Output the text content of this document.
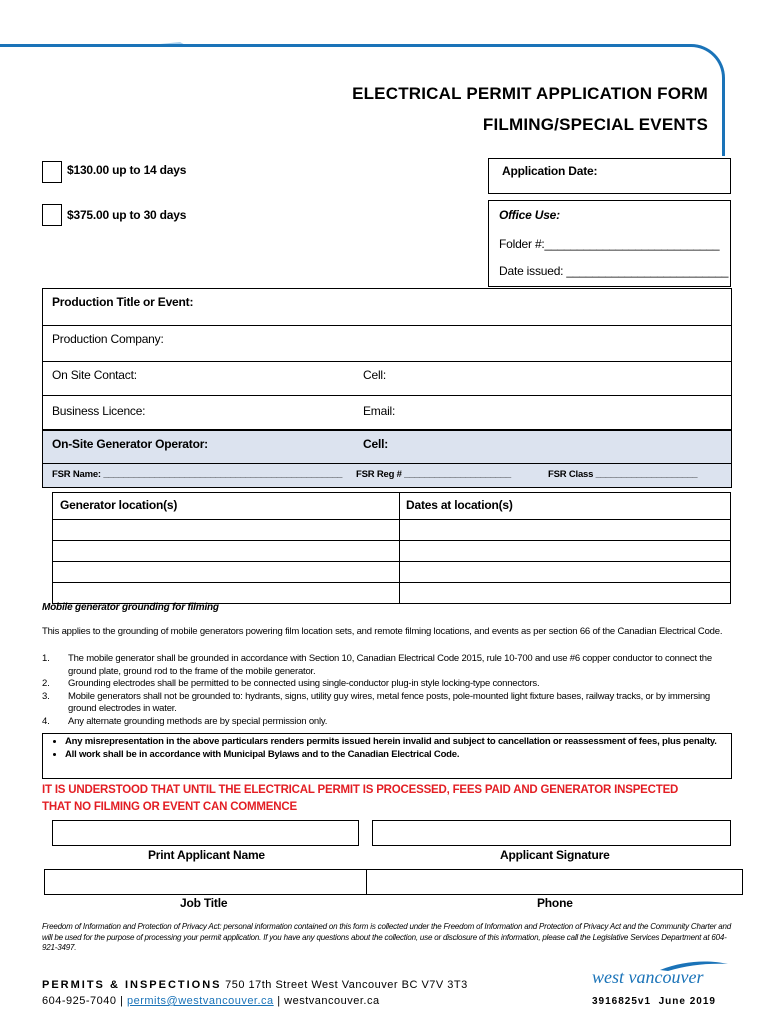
ELECTRICAL PERMIT APPLICATION FORM
FILMING/SPECIAL EVENTS
$130.00 up to 14 days
$375.00 up to 30 days
Application Date:
Office Use:
Folder #:___________________________
Date issued: _________________________
Production Title or Event:
Production Company:
On Site Contact:	Cell:
Business Licence:	Email:
On-Site Generator Operator:	Cell:
FSR Name: _______________________________________________ FSR Reg # _____________________	FSR Class ____________________
Generator location(s)	Dates at location(s)
Mobile generator grounding for filming
This applies to the grounding of mobile generators powering film location sets, and remote filming locations, and events as per section 66 of the Canadian Electrical Code.
1.	The mobile generator shall be grounded in accordance with Section 10, Canadian Electrical Code 2015, rule 10-700 and use #6 copper conductor to connect the ground plate, ground rod to the frame of the mobile generator.
2.	Grounding electrodes shall be permitted to be connected using single-conductor plug-in style locking-type connectors.
3.	Mobile generators shall not be grounded to: hydrants, signs, utility guy wires, metal fence posts, pole-mounted light fixture bases, railway tracks, or by immersing ground electrodes in water.
4.	Any alternate grounding methods are by special permission only.
• Any misrepresentation in the above particulars renders permits issued herein invalid and subject to cancellation or reassessment of fees, plus penalty.
• All work shall be in accordance with Municipal Bylaws and to the Canadian Electrical Code.
IT IS UNDERSTOOD THAT UNTIL THE ELECTRICAL PERMIT IS PROCESSED, FEES PAID AND GENERATOR INSPECTED THAT NO FILMING OR EVENT CAN COMMENCE
Print Applicant Name	Applicant Signature
Job Title	Phone
Freedom of Information and Protection of Privacy Act: personal information contained on this form is collected under the Freedom of Information and Protection of Privacy Act and the Community Charter and will be used for the purpose of processing your permit application. If you have any questions about the collection, use or disclosure of this information, please call the Legislative Services Department at 604-921-3497.
PERMITS & INSPECTIONS 750 17th Street West Vancouver BC V7V 3T3
604-925-7040 | permits@westvancouver.ca | westvancouver.ca
west vancouver
3916825v1  June 2019
